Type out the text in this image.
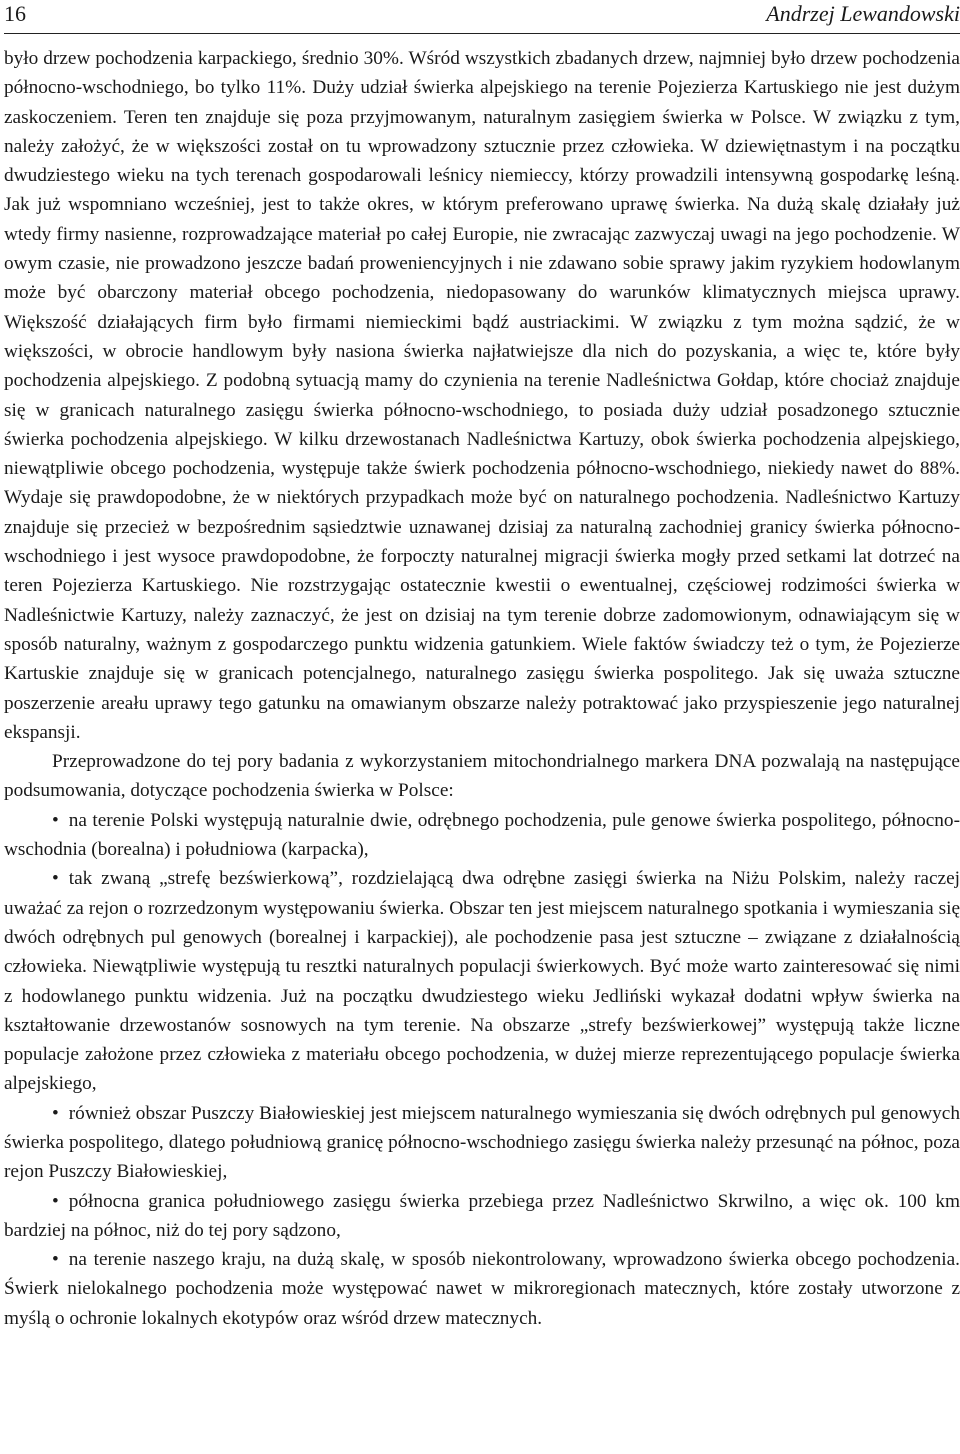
16	Andrzej Lewandowski

było drzew pochodzenia karpackiego, średnio 30%. Wśród wszystkich zbadanych drzew, najmniej było drzew pochodzenia północno-wschodniego, bo tylko 11%. Duży udział świerka alpejskiego na terenie Pojezierza Kartuskiego nie jest dużym zaskoczeniem. Teren ten znajduje się poza przyjmowanym, naturalnym zasięgiem świerka w Polsce. W związku z tym, należy założyć, że w większości został on tu wprowadzony sztucznie przez człowieka. W dziewiętnastym i na początku dwudziestego wieku na tych terenach gospodarowali leśnicy niemieccy, którzy prowadzili intensywną gospodarkę leśną. Jak już wspomniano wcześniej, jest to także okres, w którym preferowano uprawę świerka. Na dużą skalę działały już wtedy firmy nasienne, rozprowadzające materiał po całej Europie, nie zwracając zazwyczaj uwagi na jego pochodzenie. W owym czasie, nie prowadzono jeszcze badań proweniencyjnych i nie zdawano sobie sprawy jakim ryzykiem hodowlanym może być obarczony materiał obcego pochodzenia, niedopasowany do warunków klimatycznych miejsca uprawy. Większość działających firm było firmami niemieckimi bądź austriackimi. W związku z tym można sądzić, że w większości, w obrocie handlowym były nasiona świerka najłatwiejsze dla nich do pozyskania, a więc te, które były pochodzenia alpejskiego. Z podobną sytuacją mamy do czynienia na terenie Nadleśnictwa Gołdap, które chociaż znajduje się w granicach naturalnego zasięgu świerka północno-wschodniego, to posiada duży udział posadzonego sztucznie świerka pochodzenia alpejskiego. W kilku drzewostanach Nadleśnictwa Kartuzy, obok świerka pochodzenia alpejskiego, niewątpliwie obcego pochodzenia, występuje także świerk pochodzenia północno-wschodniego, niekiedy nawet do 88%. Wydaje się prawdopodobne, że w niektórych przypadkach może być on naturalnego pochodzenia. Nadleśnictwo Kartuzy znajduje się przecież w bezpośrednim sąsiedztwie uznawanej dzisiaj za naturalną zachodniej granicy świerka północno-wschodniego i jest wysoce prawdopodobne, że forpoczty naturalnej migracji świerka mogły przed setkami lat dotrzeć na teren Pojezierza Kartuskiego. Nie rozstrzygając ostatecznie kwestii o ewentualnej, częściowej rodzimości świerka w Nadleśnictwie Kartuzy, należy zaznaczyć, że jest on dzisiaj na tym terenie dobrze zadomowionym, odnawiającym się w sposób naturalny, ważnym z gospodarczego punktu widzenia gatunkiem. Wiele faktów świadczy też o tym, że Pojezierze Kartuskie znajduje się w granicach potencjalnego, naturalnego zasięgu świerka pospolitego. Jak się uważa sztuczne poszerzenie areału uprawy tego gatunku na omawianym obszarze należy potraktować jako przyspieszenie jego naturalnej ekspansji.

Przeprowadzone do tej pory badania z wykorzystaniem mitochondrialnego markera DNA pozwalają na następujące podsumowania, dotyczące pochodzenia świerka w Polsce:

• na terenie Polski występują naturalnie dwie, odrębnego pochodzenia, pule genowe świerka pospolitego, północno-wschodnia (borealna) i południowa (karpacka),

• tak zwaną „strefę bezświerkową”, rozdzielającą dwa odrębne zasięgi świerka na Niżu Polskim, należy raczej uważać za rejon o rozrzedzonym występowaniu świerka. Obszar ten jest miejscem naturalnego spotkania i wymieszania się dwóch odrębnych pul genowych (borealnej i karpackiej), ale pochodzenie pasa jest sztuczne – związane z działalnością człowieka. Niewątpliwie występują tu resztki naturalnych populacji świerkowych. Być może warto zainteresować się nimi z hodowlanego punktu widzenia. Już na początku dwudziestego wieku Jedliński wykazał dodatni wpływ świerka na kształtowanie drzewostanów sosnowych na tym terenie. Na obszarze „strefy bezświerkowej” występują także liczne populacje założone przez człowieka z materiału obcego pochodzenia, w dużej mierze reprezentującego populacje świerka alpejskiego,

• również obszar Puszczy Białowieskiej jest miejscem naturalnego wymieszania się dwóch odrębnych pul genowych świerka pospolitego, dlatego południową granicę północno-wschodniego zasięgu świerka należy przesunąć na północ, poza rejon Puszczy Białowieskiej,

• północna granica południowego zasięgu świerka przebiega przez Nadleśnictwo Skrwilno, a więc ok. 100 km bardziej na północ, niż do tej pory sądzono,

• na terenie naszego kraju, na dużą skalę, w sposób niekontrolowany, wprowadzono świerka obcego pochodzenia. Świerk nielokalnego pochodzenia może występować nawet w mikroregionach matecznych, które zostały utworzone z myślą o ochronie lokalnych ekotypów oraz wśród drzew matecznych.
